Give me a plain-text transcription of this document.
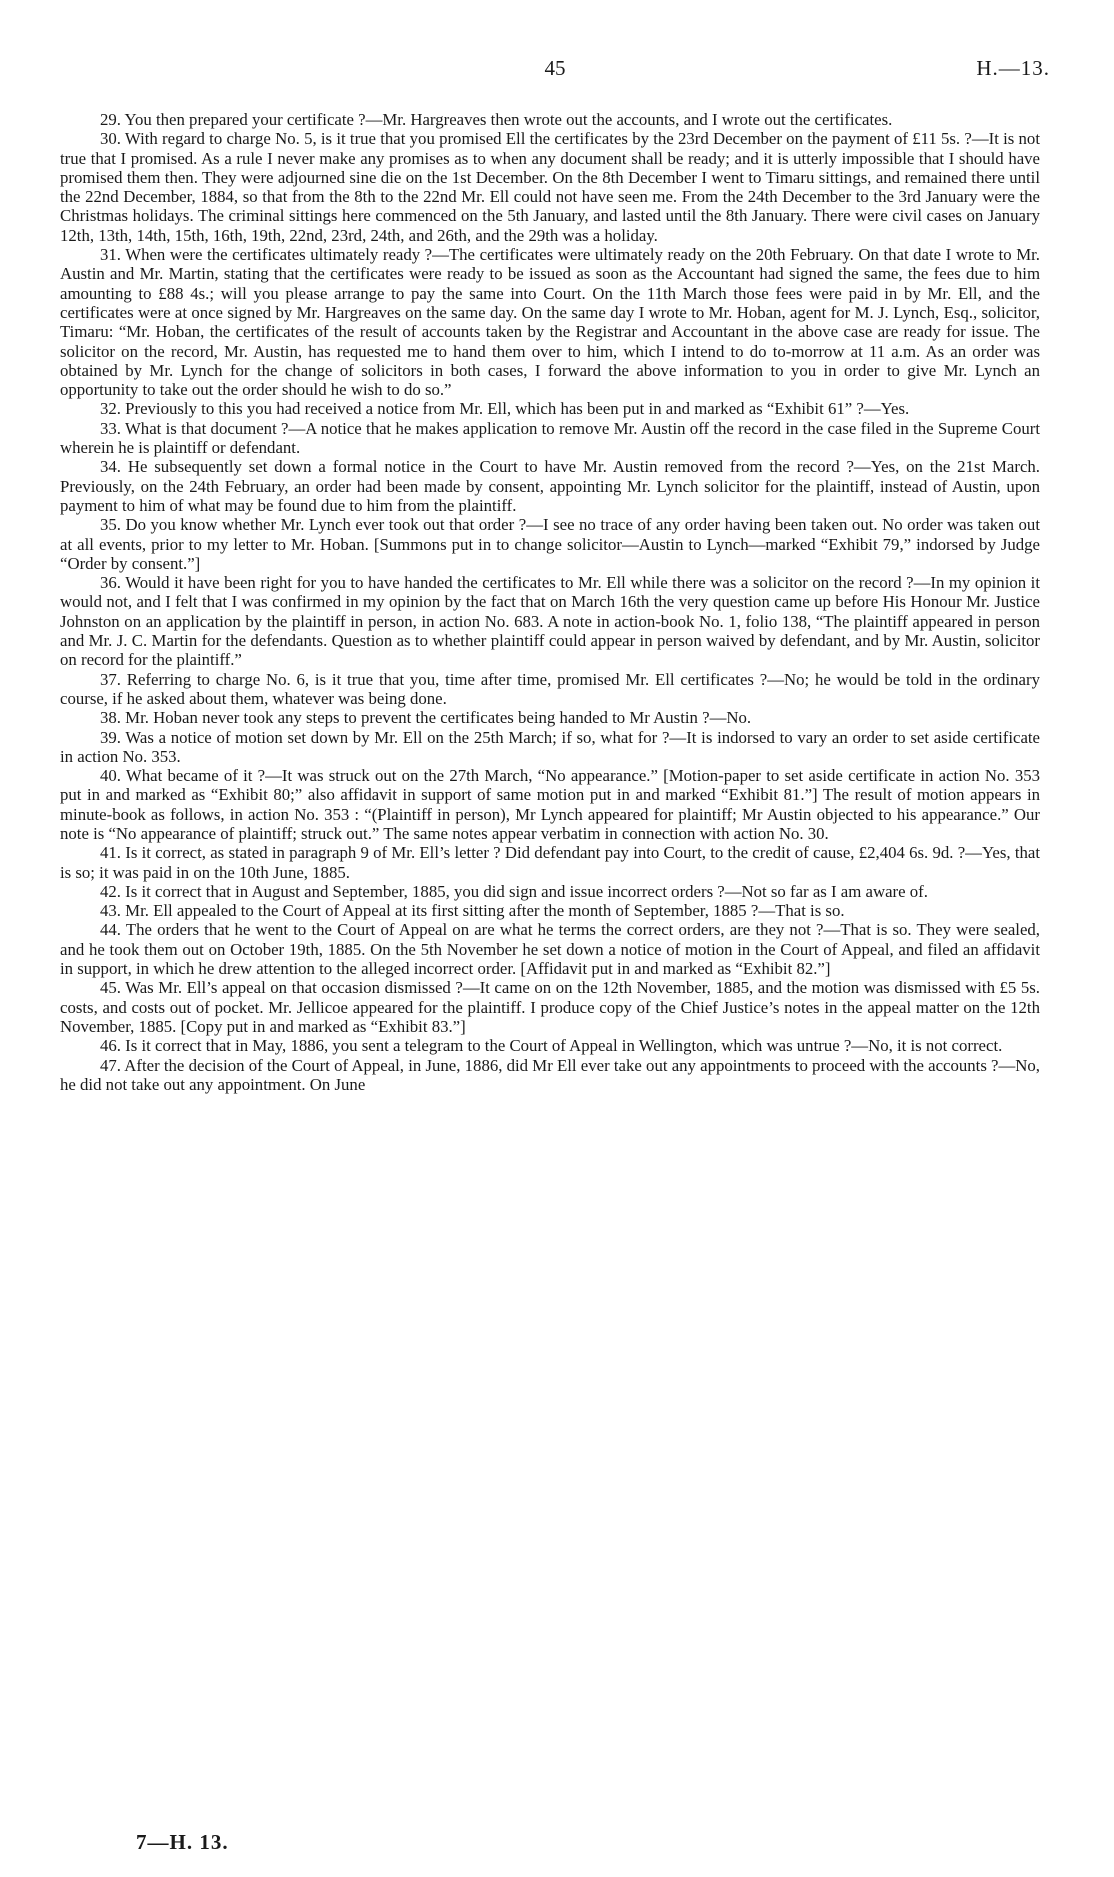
45	H.—13.

29. You then prepared your certificate ?—Mr. Hargreaves then wrote out the accounts, and I wrote out the certificates.

30. With regard to charge No. 5, is it true that you promised Ell the certificates by the 23rd December on the payment of £11 5s. ?—It is not true that I promised. As a rule I never make any promises as to when any document shall be ready; and it is utterly impossible that I should have promised them then. They were adjourned sine die on the 1st December. On the 8th December I went to Timaru sittings, and remained there until the 22nd December, 1884, so that from the 8th to the 22nd Mr. Ell could not have seen me. From the 24th December to the 3rd January were the Christmas holidays. The criminal sittings here commenced on the 5th January, and lasted until the 8th January. There were civil cases on January 12th, 13th, 14th, 15th, 16th, 19th, 22nd, 23rd, 24th, and 26th, and the 29th was a holiday.

31. When were the certificates ultimately ready ?—The certificates were ultimately ready on the 20th February. On that date I wrote to Mr. Austin and Mr. Martin, stating that the certificates were ready to be issued as soon as the Accountant had signed the same, the fees due to him amounting to £88 4s.; will you please arrange to pay the same into Court. On the 11th March those fees were paid in by Mr. Ell, and the certificates were at once signed by Mr. Hargreaves on the same day. On the same day I wrote to Mr. Hoban, agent for M. J. Lynch, Esq., solicitor, Timaru: “Mr. Hoban, the certificates of the result of accounts taken by the Registrar and Accountant in the above case are ready for issue. The solicitor on the record, Mr. Austin, has requested me to hand them over to him, which I intend to do to-morrow at 11 a.m. As an order was obtained by Mr. Lynch for the change of solicitors in both cases, I forward the above information to you in order to give Mr. Lynch an opportunity to take out the order should he wish to do so.”

32. Previously to this you had received a notice from Mr. Ell, which has been put in and marked as “Exhibit 61” ?—Yes.

33. What is that document ?—A notice that he makes application to remove Mr. Austin off the record in the case filed in the Supreme Court wherein he is plaintiff or defendant.

34. He subsequently set down a formal notice in the Court to have Mr. Austin removed from the record ?—Yes, on the 21st March. Previously, on the 24th February, an order had been made by consent, appointing Mr. Lynch solicitor for the plaintiff, instead of Austin, upon payment to him of what may be found due to him from the plaintiff.

35. Do you know whether Mr. Lynch ever took out that order ?—I see no trace of any order having been taken out. No order was taken out at all events, prior to my letter to Mr. Hoban. [Summons put in to change solicitor—Austin to Lynch—marked “Exhibit 79,” indorsed by Judge “Order by consent.”]

36. Would it have been right for you to have handed the certificates to Mr. Ell while there was a solicitor on the record ?—In my opinion it would not, and I felt that I was confirmed in my opinion by the fact that on March 16th the very question came up before His Honour Mr. Justice Johnston on an application by the plaintiff in person, in action No. 683. A note in action-book No. 1, folio 138, “The plaintiff appeared in person and Mr. J. C. Martin for the defendants. Question as to whether plaintiff could appear in person waived by defendant, and by Mr. Austin, solicitor on record for the plaintiff.”

37. Referring to charge No. 6, is it true that you, time after time, promised Mr. Ell certificates ?—No; he would be told in the ordinary course, if he asked about them, whatever was being done.

38. Mr. Hoban never took any steps to prevent the certificates being handed to Mr Austin ?—No.

39. Was a notice of motion set down by Mr. Ell on the 25th March; if so, what for ?—It is indorsed to vary an order to set aside certificate in action No. 353.

40. What became of it ?—It was struck out on the 27th March, “No appearance.” [Motion-paper to set aside certificate in action No. 353 put in and marked as “Exhibit 80;” also affidavit in support of same motion put in and marked “Exhibit 81.”] The result of motion appears in minute-book as follows, in action No. 353 : “(Plaintiff in person), Mr Lynch appeared for plaintiff; Mr Austin objected to his appearance.” Our note is “No appearance of plaintiff; struck out.” The same notes appear verbatim in connection with action No. 30.

41. Is it correct, as stated in paragraph 9 of Mr. Ell’s letter ? Did defendant pay into Court, to the credit of cause, £2,404 6s. 9d. ?—Yes, that is so; it was paid in on the 10th June, 1885.

42. Is it correct that in August and September, 1885, you did sign and issue incorrect orders ?—Not so far as I am aware of.

43. Mr. Ell appealed to the Court of Appeal at its first sitting after the month of September, 1885 ?—That is so.

44. The orders that he went to the Court of Appeal on are what he terms the correct orders, are they not ?—That is so. They were sealed, and he took them out on October 19th, 1885. On the 5th November he set down a notice of motion in the Court of Appeal, and filed an affidavit in support, in which he drew attention to the alleged incorrect order. [Affidavit put in and marked as “Exhibit 82.”]

45. Was Mr. Ell’s appeal on that occasion dismissed ?—It came on on the 12th November, 1885, and the motion was dismissed with £5 5s. costs, and costs out of pocket. Mr. Jellicoe appeared for the plaintiff. I produce copy of the Chief Justice’s notes in the appeal matter on the 12th November, 1885. [Copy put in and marked as “Exhibit 83.”]

46. Is it correct that in May, 1886, you sent a telegram to the Court of Appeal in Wellington, which was untrue ?—No, it is not correct.

47. After the decision of the Court of Appeal, in June, 1886, did Mr Ell ever take out any appointments to proceed with the accounts ?—No, he did not take out any appointment. On June

7—H. 13.
